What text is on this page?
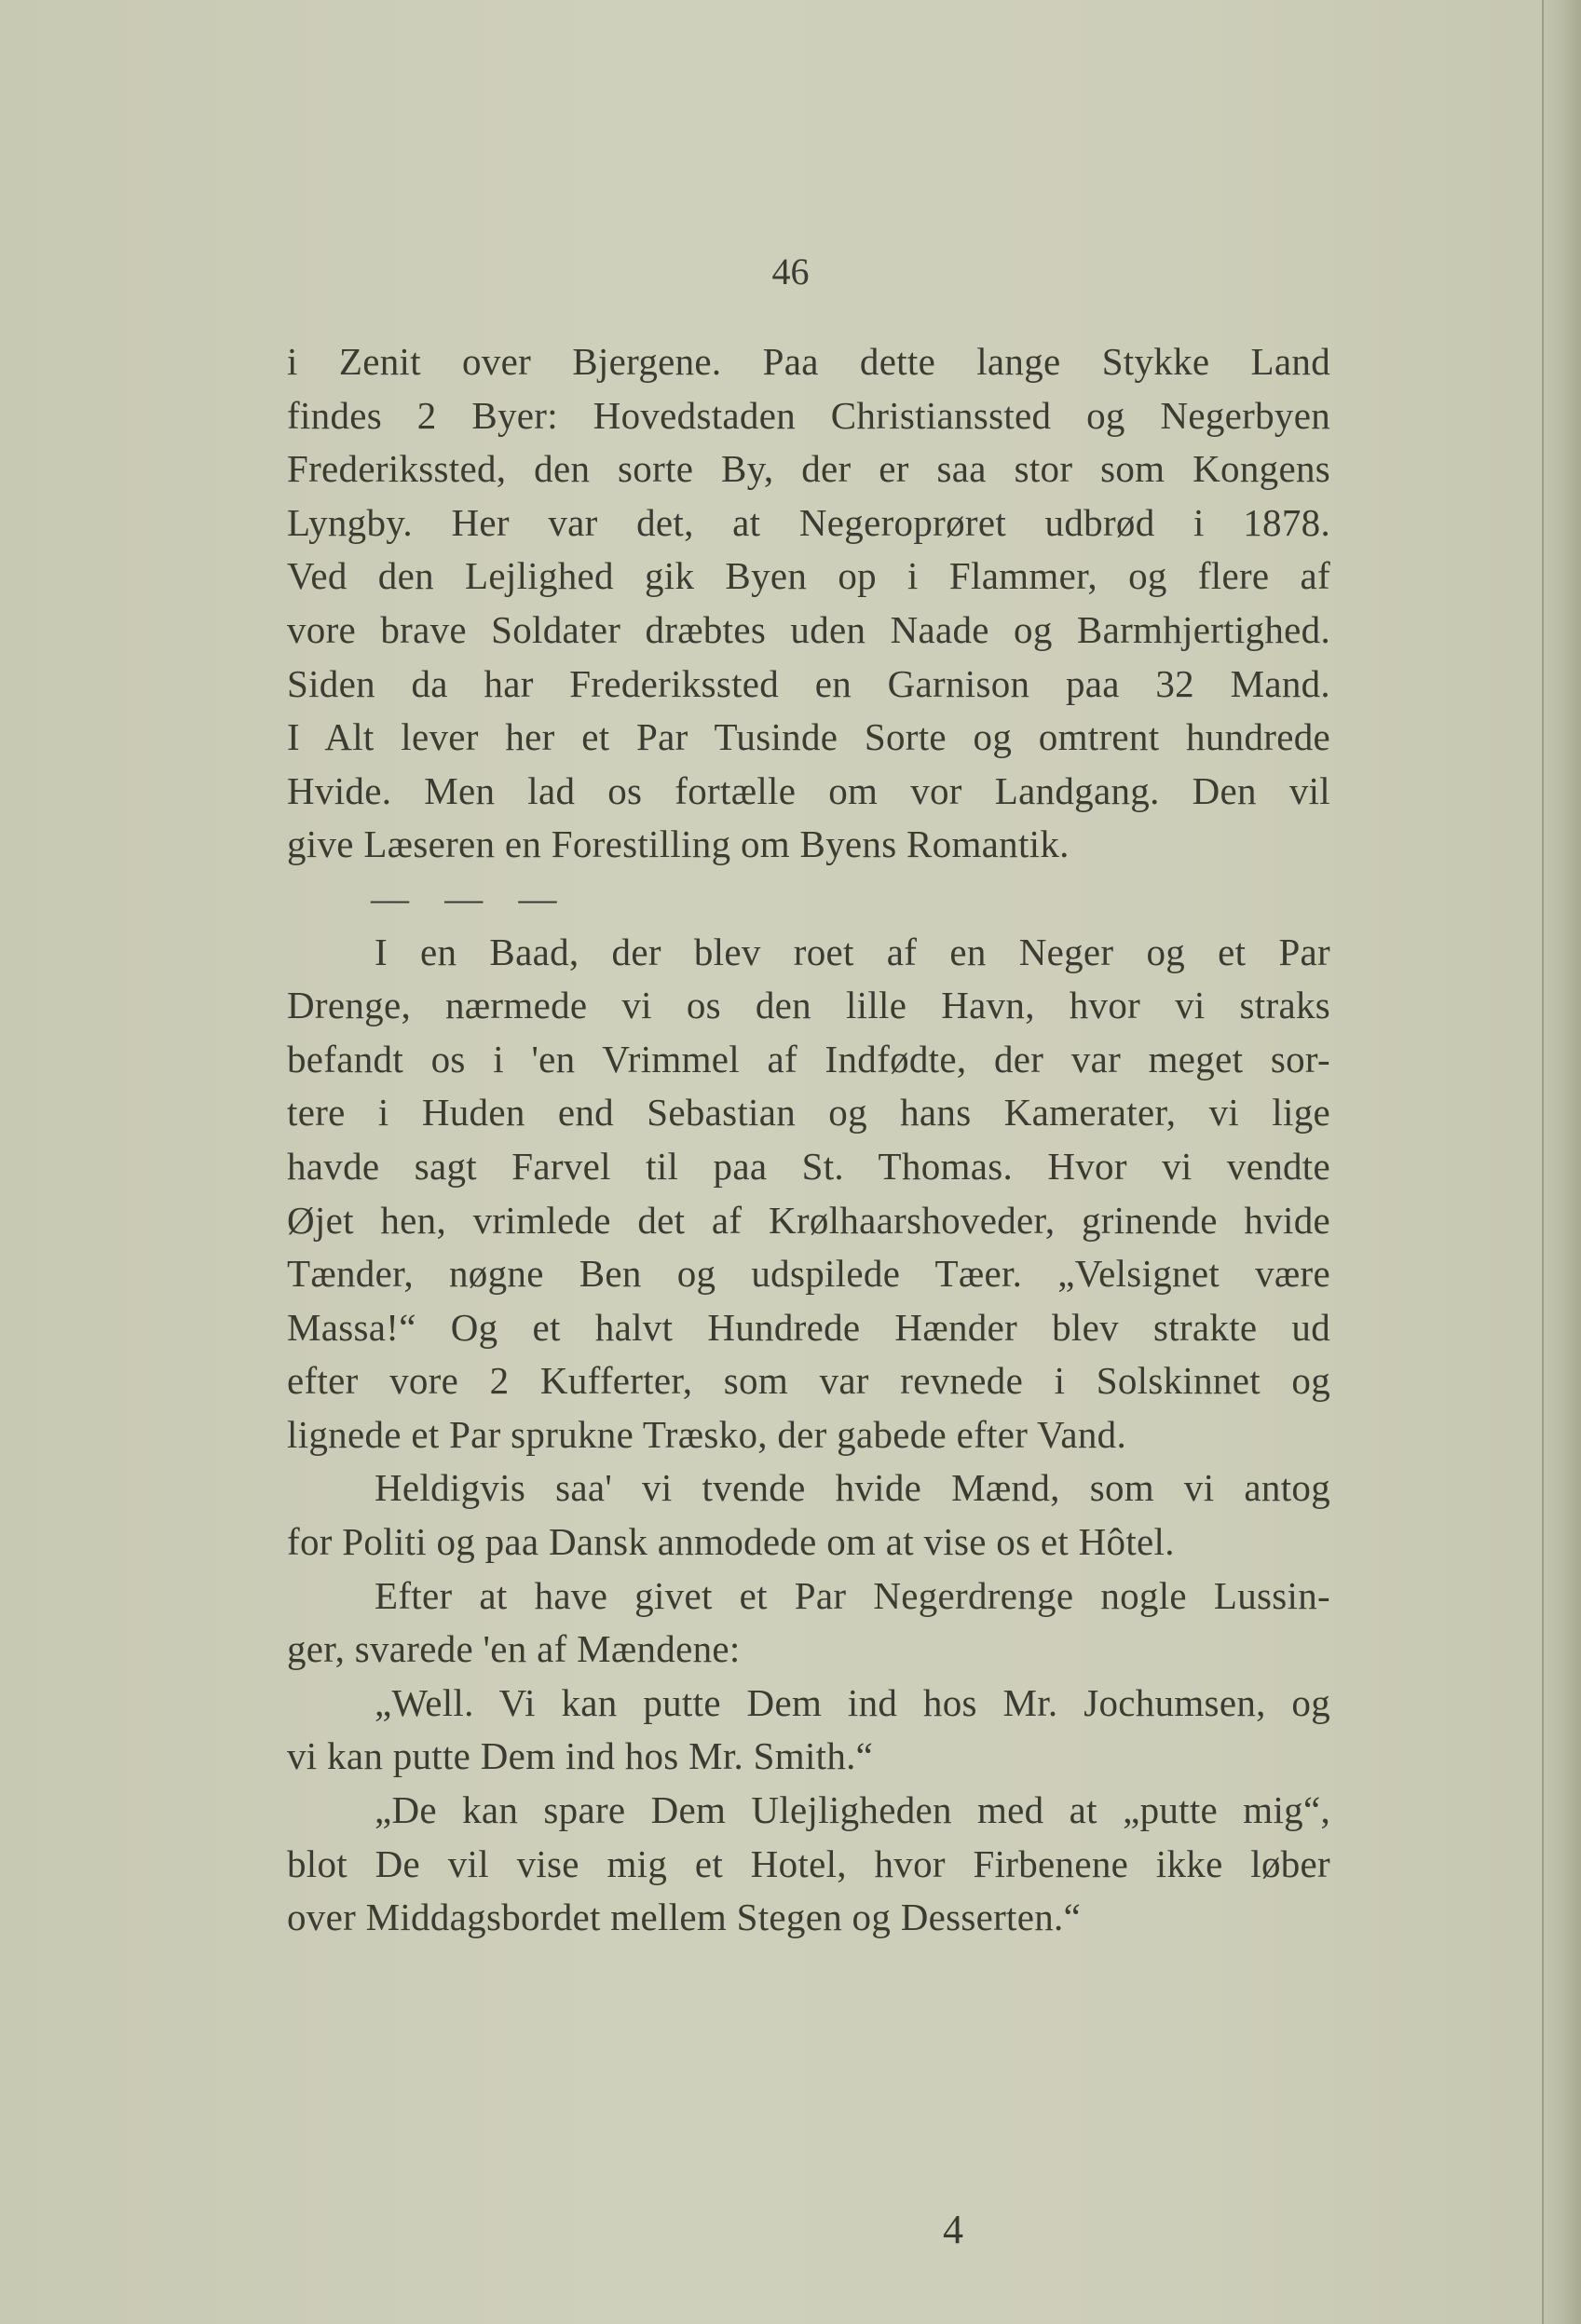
46
i Zenit over Bjergene. Paa dette lange Stykke Land
findes 2 Byer: Hovedstaden Christianssted og Negerbyen
Frederikssted, den sorte By, der er saa stor som Kongens
Lyngby. Her var det, at Negeroprøret udbrød i 1878.
Ved den Lejlighed gik Byen op i Flammer, og flere af
vore brave Soldater dræbtes uden Naade og Barmhjertighed.
Siden da har Frederikssted en Garnison paa 32 Mand.
I Alt lever her et Par Tusinde Sorte og omtrent hundrede
Hvide. Men lad os fortælle om vor Landgang. Den vil
give Læseren en Forestilling om Byens Romantik.
— — —
I en Baad, der blev roet af en Neger og et Par
Drenge, nærmede vi os den lille Havn, hvor vi straks
befandt os i 'en Vrimmel af Indfødte, der var meget sor-
tere i Huden end Sebastian og hans Kamerater, vi lige
havde sagt Farvel til paa St. Thomas. Hvor vi vendte
Øjet hen, vrimlede det af Krølhaarshoveder, grinende hvide
Tænder, nøgne Ben og udspilede Tæer. „Velsignet være
Massa!“ Og et halvt Hundrede Hænder blev strakte ud
efter vore 2 Kufferter, som var revnede i Solskinnet og
lignede et Par sprukne Træsko, der gabede efter Vand.
Heldigvis saa' vi tvende hvide Mænd, som vi antog
for Politi og paa Dansk anmodede om at vise os et Hôtel.
Efter at have givet et Par Negerdrenge nogle Lussin-
ger, svarede 'en af Mændene:
„Well. Vi kan putte Dem ind hos Mr. Jochumsen, og
vi kan putte Dem ind hos Mr. Smith.“
„De kan spare Dem Ulejligheden med at „putte mig“,
blot De vil vise mig et Hotel, hvor Firbenene ikke løber
over Middagsbordet mellem Stegen og Desserten.“
4
